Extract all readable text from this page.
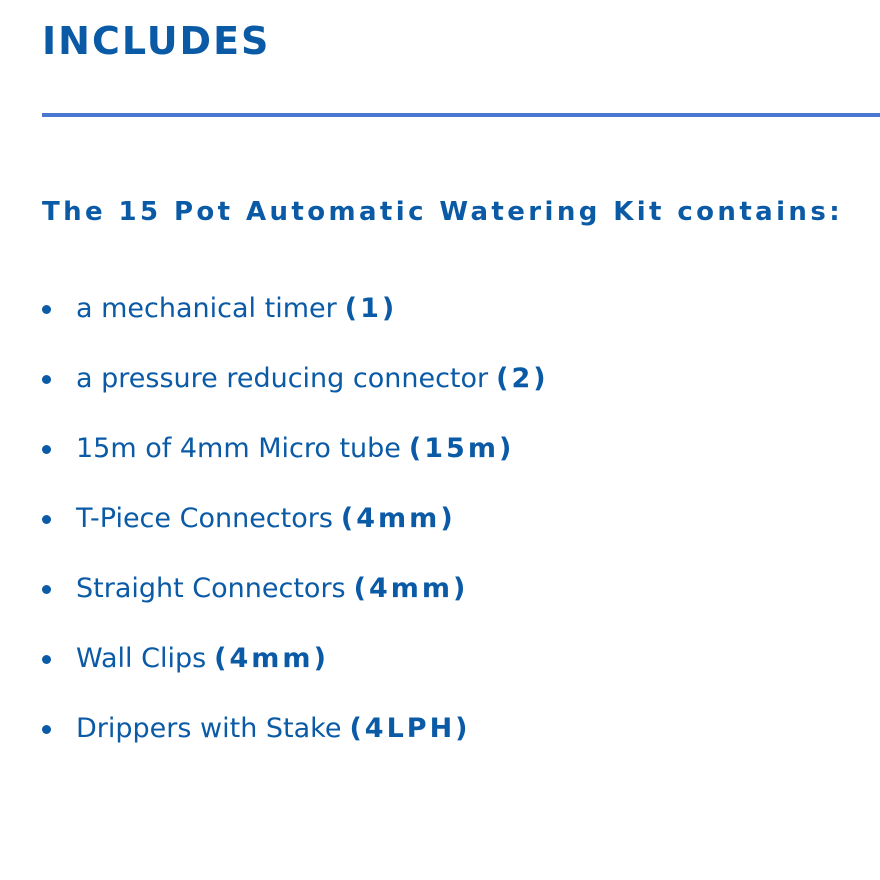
INCLUDES
The 15 Pot Automatic Watering Kit contains:
a mechanical timer (1)
a pressure reducing connector (2)
15m of 4mm Micro tube (15m)
T-Piece Connectors (4mm)
Straight Connectors (4mm)
Wall Clips (4mm)
Drippers with Stake (4LPH)
